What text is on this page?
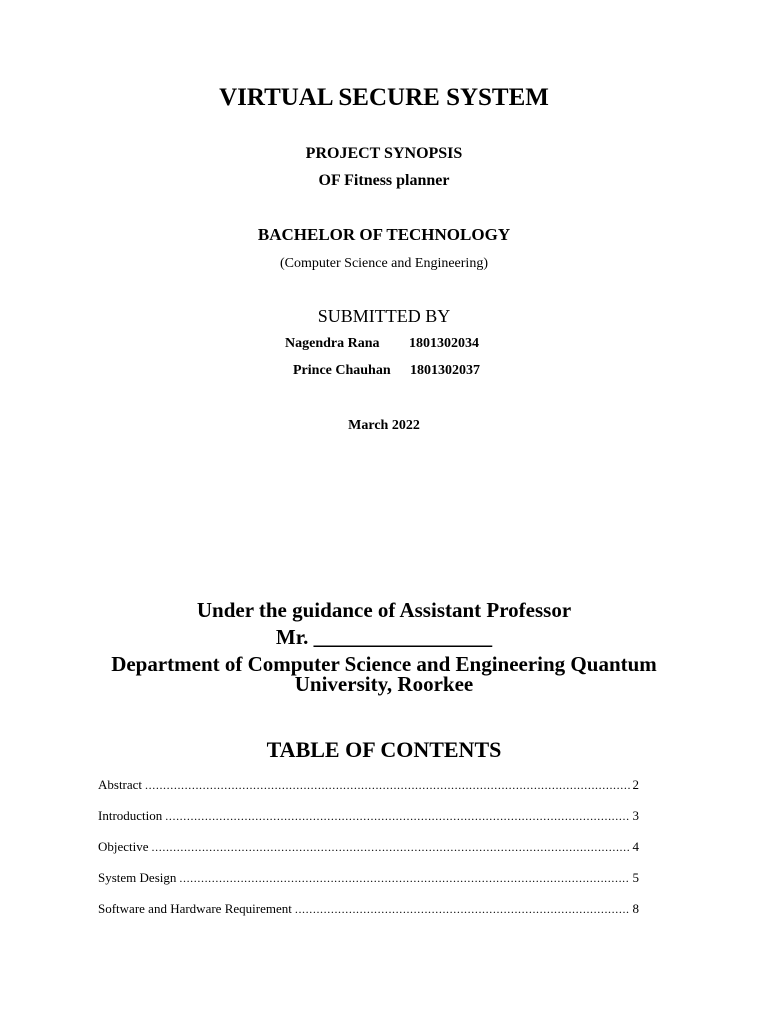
VIRTUAL SECURE SYSTEM
PROJECT SYNOPSIS
OF Fitness planner
BACHELOR OF TECHNOLOGY
(Computer Science and Engineering)
SUBMITTED BY
Nagendra Rana 1801302034
Prince Chauhan 1801302037
March 2022
Under the guidance of Assistant Professor
Mr. _________________
Department of Computer Science and Engineering Quantum
University, Roorkee
TABLE OF CONTENTS
Abstract . . .	2
Introduction . . .	3
Objective . . .	4
System Design . . .	5
Software and Hardware Requirement . . .	8
